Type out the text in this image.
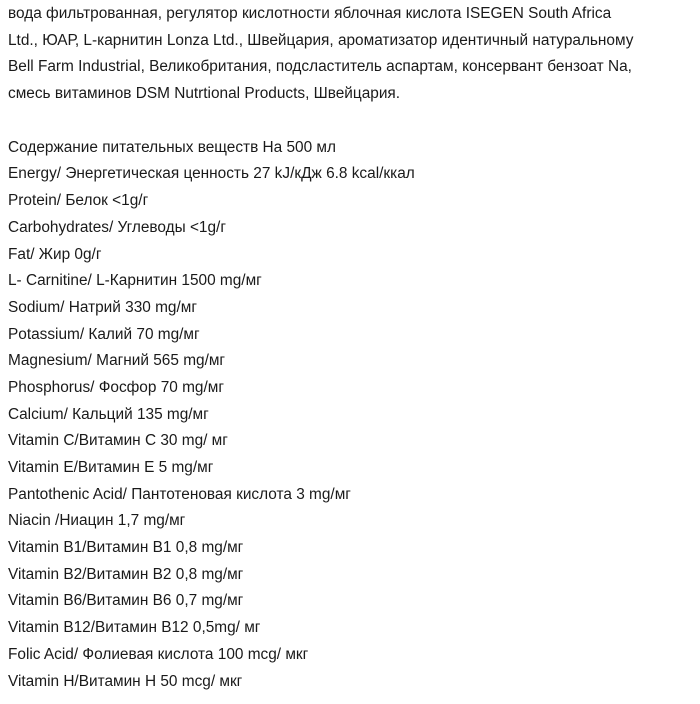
вода фильтрованная, регулятор кислотности яблочная кислота ISEGEN South Africa

Ltd., ЮАР, L-карнитин Lonza Ltd., Швейцария, ароматизатор идентичный натуральному

Bell Farm Industrial, Великобритания, подсластитель аспартам, консервант бензоат Na,

смесь витаминов DSM Nutrtional Products, Швейцария.

Содержание питательных веществ На 500 мл

Energy/ Энергетическая ценность 27 kJ/кДж 6.8 kcal/ккал

Protein/ Белок <1g/г

Carbohydrates/ Углеводы <1g/г

Fat/ Жир 0g/г

L- Carnitine/ L-Карнитин 1500 mg/мг

Sodium/ Натрий 330 mg/мг

Potassium/ Калий 70 mg/мг

Magnesium/ Магний 565 mg/мг

Phosphorus/ Фосфор 70 mg/мг

Calcium/ Кальций 135 mg/мг

Vitamin C/Витамин С 30 mg/ мг

Vitamin E/Витамин Е 5 mg/мг

Pantothenic Acid/ Пантотеновая кислота 3 mg/мг

Niacin /Ниацин 1,7 mg/мг

Vitamin B1/Витамин В1 0,8 mg/мг

Vitamin B2/Витамин В2 0,8 mg/мг

Vitamin B6/Витамин В6 0,7 mg/мг

Vitamin B12/Витамин В12 0,5mg/ мг

Folic Acid/ Фолиевая кислота 100 mcg/ мкг

Vitamin H/Витамин Н 50 mcg/ мкг
